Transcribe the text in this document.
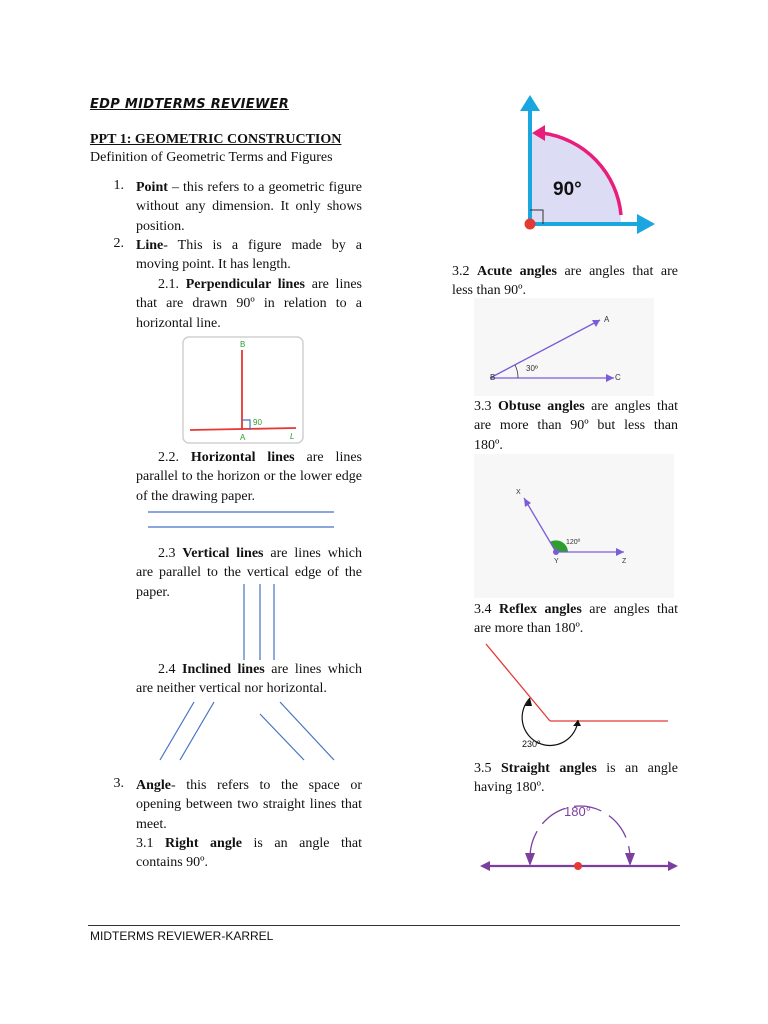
EDP MIDTERMS REVIEWER
PPT 1: GEOMETRIC CONSTRUCTION
Definition of Geometric Terms and Figures
1. Point – this refers to a geometric figure without any dimension. It only shows position.
2. Line- This is a figure made by a moving point. It has length.
2.1. Perpendicular lines are lines that are drawn 90º in relation to a horizontal line.
B
A
90
L
2.2. Horizontal lines are lines parallel to the horizon or the lower edge of the drawing paper.
2.3 Vertical lines are lines which are parallel to the vertical edge of the paper.
2.4 Inclined lines are lines which are neither vertical nor horizontal.
3. Angle- this refers to the space or opening between two straight lines that meet.
3.1 Right angle is an angle that contains 90º.
90°
3.2 Acute angles are angles that are less than 90º.
A
B	C
30º
3.3 Obtuse angles are angles that are more than 90º but less than 180º.
X
Y	Z
120º
3.4 Reflex angles are angles that are more than 180º.
230º
3.5 Straight angles is an angle having 180º.
180°
MIDTERMS REVIEWER-KARREL
